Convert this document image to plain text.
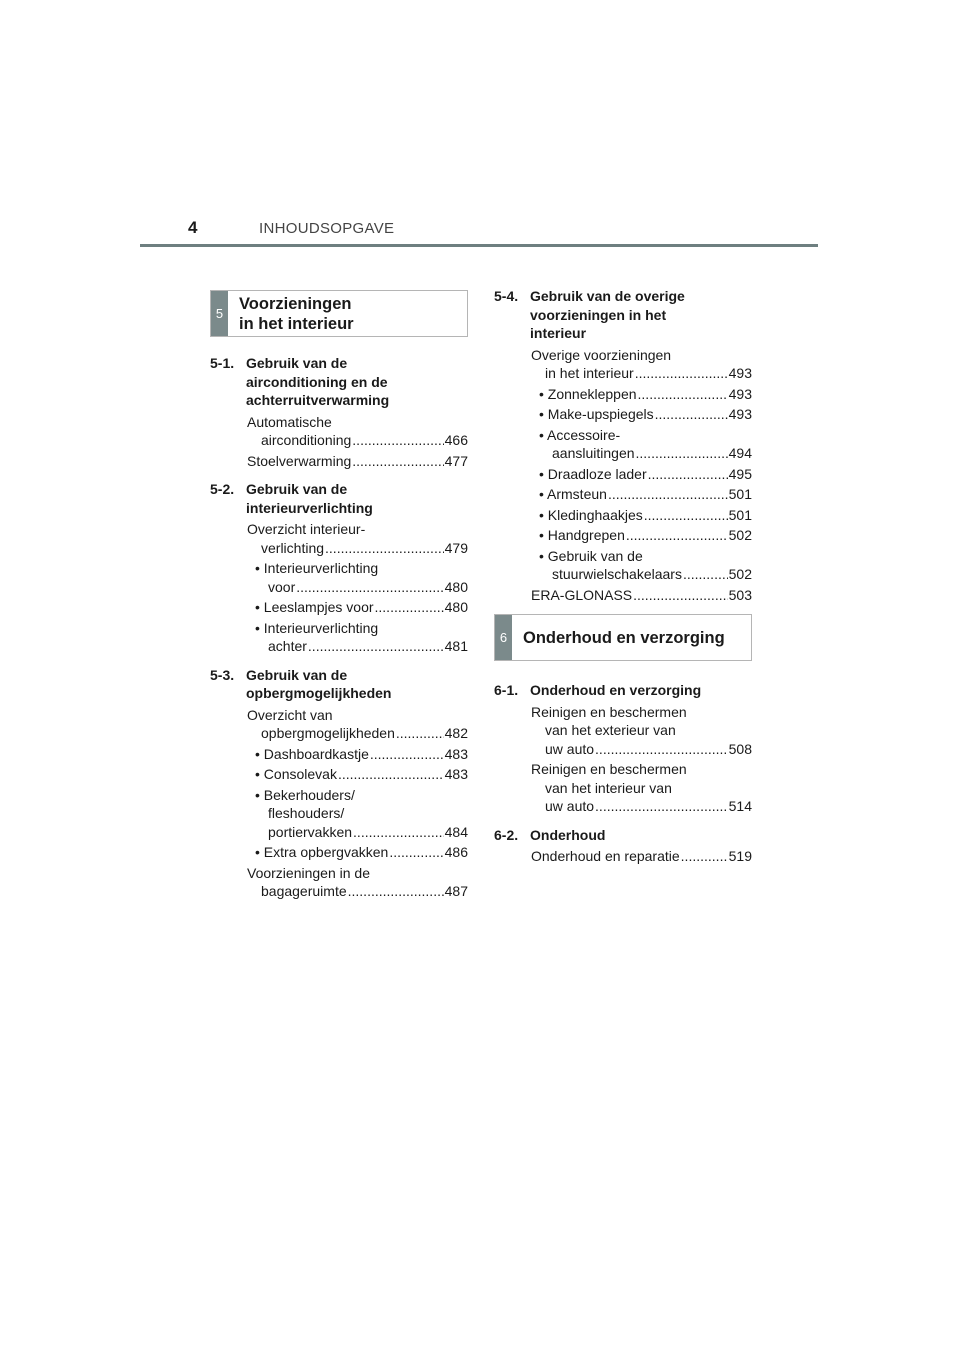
4	INHOUDSOPGAVE
5
Voorzieningen
in het interieur
5-1. Gebruik van de
airconditioning en de
achterruitverwarming
Automatische
airconditioning .....	466
Stoelverwarming .....	477
5-2. Gebruik van de
interieurverlichting
Overzicht interieur-
verlichting .....	479
• Interieurverlichting
voor .....	480
• Leeslampjes voor .....	480
• Interieurverlichting
achter .....	481
5-3. Gebruik van de
opbergmogelijkheden
Overzicht van
opbergmogelijkheden .....	482
• Dashboardkastje .....	483
• Consolevak .....	483
• Bekerhouders/
fleshouders/
portiervakken .....	484
• Extra opbergvakken .....	486
Voorzieningen in de
bagageruimte .....	487
5-4. Gebruik van de overige
voorzieningen in het
interieur
Overige voorzieningen
in het interieur .....	493
• Zonnekleppen .....	493
• Make-upspiegels .....	493
• Accessoire-
aansluitingen .....	494
• Draadloze lader .....	495
• Armsteun .....	501
• Kledinghaakjes .....	501
• Handgrepen .....	502
• Gebruik van de
stuurwielschakelaars .....	502
ERA-GLONASS .....	503
6 Onderhoud en verzorging
6-1. Onderhoud en verzorging
Reinigen en beschermen
van het exterieur van
uw auto .....	508
Reinigen en beschermen
van het interieur van
uw auto .....	514
6-2. Onderhoud
Onderhoud en reparatie .....	519
